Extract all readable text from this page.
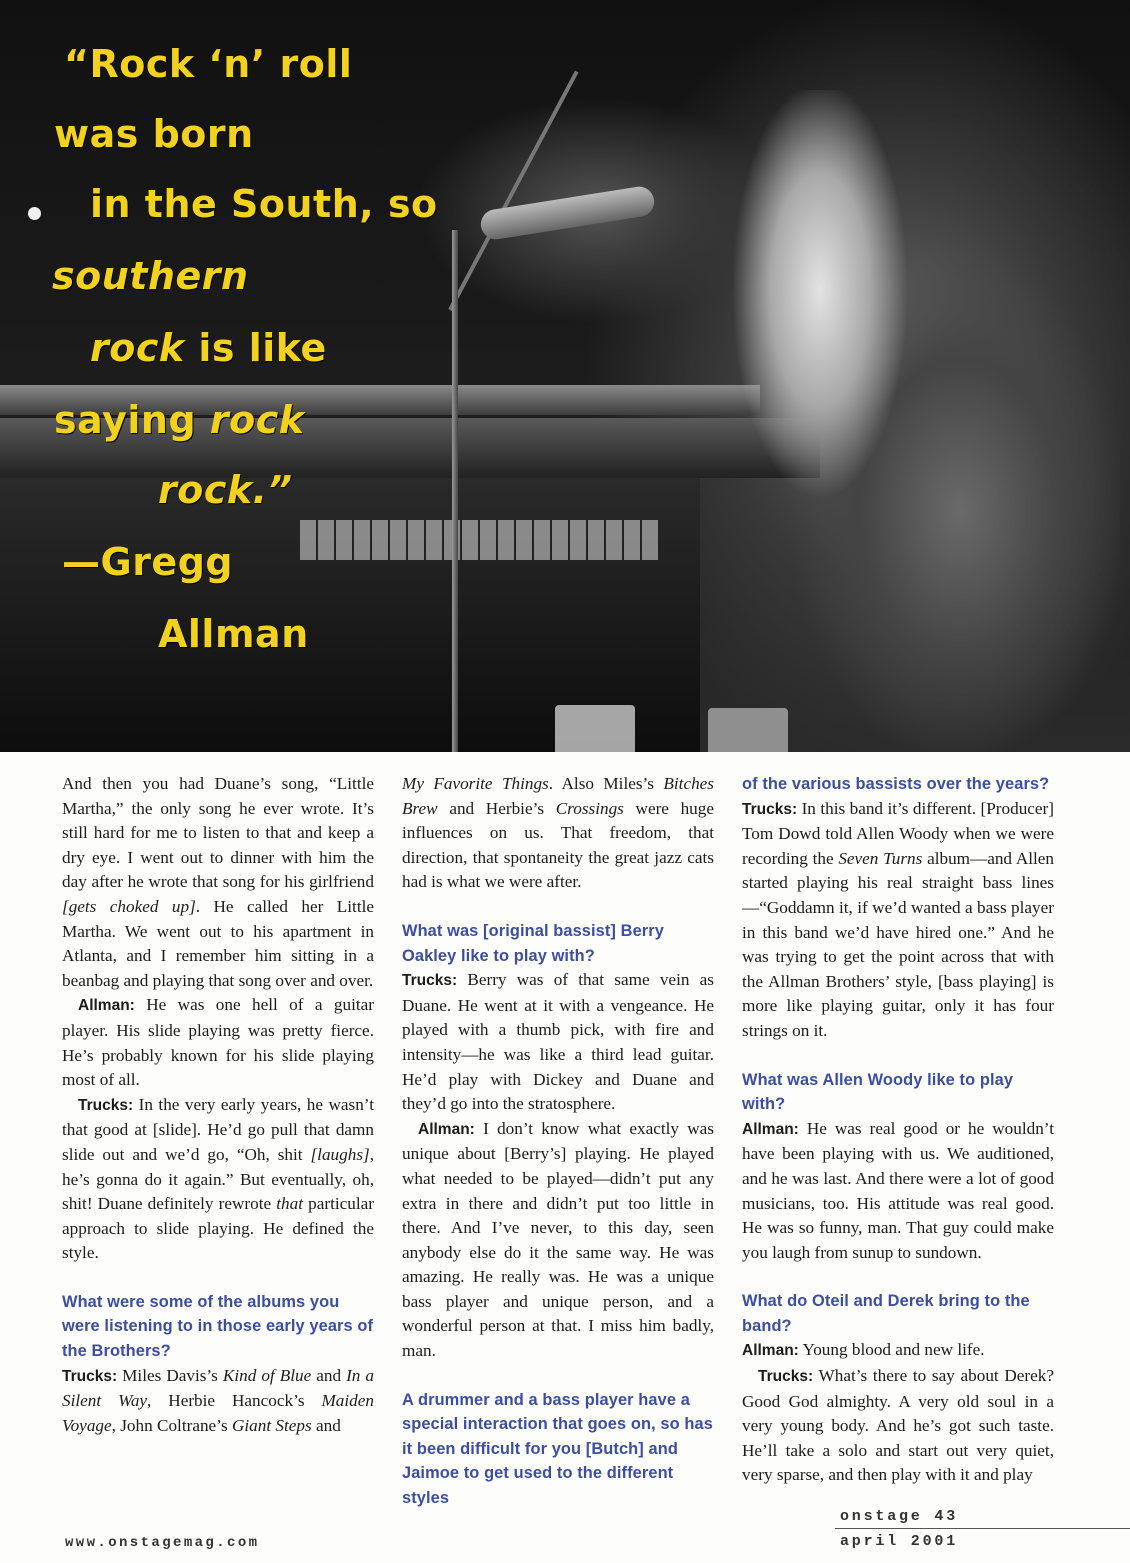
“Rock ‘n’ roll
was born
in the South, so
southern
rock is like
saying rock
rock.”
—Gregg
Allman

And then you had Duane’s song, “Little Martha,” the only song he ever wrote. It’s still hard for me to listen to that and keep a dry eye. I went out to dinner with him the day after he wrote that song for his girlfriend [gets choked up]. He called her Little Martha. We went out to his apartment in Atlanta, and I remember him sitting in a beanbag and playing that song over and over.

Allman: He was one hell of a guitar player. His slide playing was pretty fierce. He’s probably known for his slide playing most of all.

Trucks: In the very early years, he wasn’t that good at [slide]. He’d go pull that damn slide out and we’d go, “Oh, shit [laughs], he’s gonna do it again.” But eventually, oh, shit! Duane definitely rewrote that particular approach to slide playing. He defined the style.

What were some of the albums you were listening to in those early years of the Brothers?

Trucks: Miles Davis’s Kind of Blue and In a Silent Way, Herbie Hancock’s Maiden Voyage, John Coltrane’s Giant Steps and

My Favorite Things. Also Miles’s Bitches Brew and Herbie’s Crossings were huge influences on us. That freedom, that direction, that spontaneity the great jazz cats had is what we were after.

What was [original bassist] Berry Oakley like to play with?

Trucks: Berry was of that same vein as Duane. He went at it with a vengeance. He played with a thumb pick, with fire and intensity—he was like a third lead guitar. He’d play with Dickey and Duane and they’d go into the stratosphere.

Allman: I don’t know what exactly was unique about [Berry’s] playing. He played what needed to be played—didn’t put any extra in there and didn’t put too little in there. And I’ve never, to this day, seen anybody else do it the same way. He was amazing. He really was. He was a unique bass player and unique person, and a wonderful person at that. I miss him badly, man.

A drummer and a bass player have a special interaction that goes on, so has it been difficult for you [Butch] and Jaimoe to get used to the different styles

of the various bassists over the years?

Trucks: In this band it’s different. [Producer] Tom Dowd told Allen Woody when we were recording the Seven Turns album—and Allen started playing his real straight bass lines—“Goddamn it, if we’d wanted a bass player in this band we’d have hired one.” And he was trying to get the point across that with the Allman Brothers’ style, [bass playing] is more like playing guitar, only it has four strings on it.

What was Allen Woody like to play with?

Allman: He was real good or he wouldn’t have been playing with us. We auditioned, and he was last. And there were a lot of good musicians, too. His attitude was real good. He was so funny, man. That guy could make you laugh from sunup to sundown.

What do Oteil and Derek bring to the band?

Allman: Young blood and new life.

Trucks: What’s there to say about Derek? Good God almighty. A very old soul in a very young body. And he’s got such taste. He’ll take a solo and start out very quiet, very sparse, and then play with it and play

www.onstagemag.com
onstage 43
april 2001
